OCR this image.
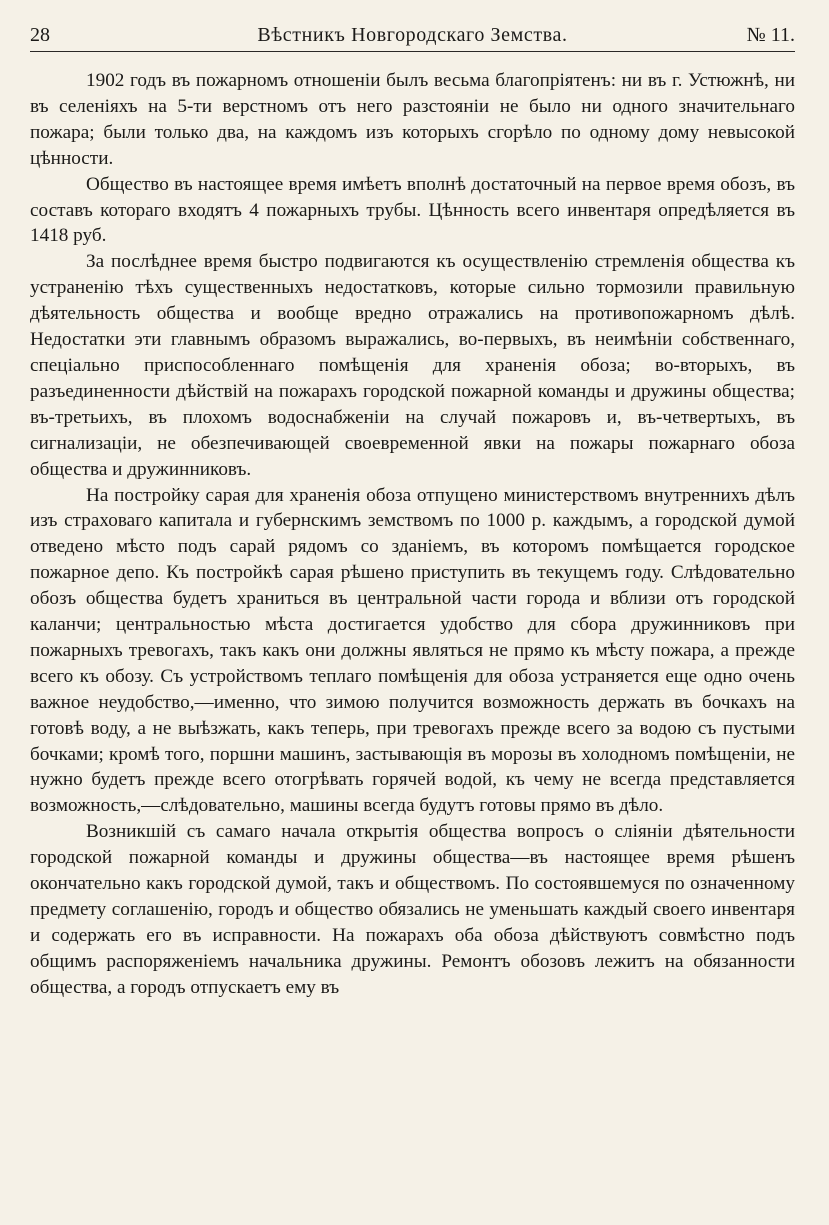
28	Вѣстникъ Новгородскаго Земства.	№ 11.

1902 годъ въ пожарномъ отношеніи былъ весьма благопріятенъ: ни въ г. Устюжнѣ, ни въ селеніяхъ на 5-ти верстномъ отъ него разстояніи не было ни одного значительнаго пожара; были только два, на каждомъ изъ которыхъ сгорѣло по одному дому невысокой цѣнности.

Общество въ настоящее время имѣетъ вполнѣ достаточный на первое время обозъ, въ составъ котораго входятъ 4 пожарныхъ трубы. Цѣнность всего инвентаря опредѣляется въ 1418 руб.

За послѣднее время быстро подвигаются къ осуществленію стремленія общества къ устраненію тѣхъ существенныхъ недостатковъ, которые сильно тормозили правильную дѣятельность общества и вообще вредно отражались на противопожарномъ дѣлѣ. Недостатки эти главнымъ образомъ выражались, во-первыхъ, въ неимѣніи собственнаго, спеціально приспособленнаго помѣщенія для храненія обоза; во-вторыхъ, въ разъединенности дѣйствій на пожарахъ городской пожарной команды и дружины общества; въ-третьихъ, въ плохомъ водоснабженіи на случай пожаровъ и, въ-четвертыхъ, въ сигнализаціи, не обезпечивающей своевременной явки на пожары пожарнаго обоза общества и дружинниковъ.

На постройку сарая для храненія обоза отпущено министерствомъ внутреннихъ дѣлъ изъ страховаго капитала и губернскимъ земствомъ по 1000 р. каждымъ, а городской думой отведено мѣсто подъ сарай рядомъ со зданіемъ, въ которомъ помѣщается городское пожарное депо. Къ постройкѣ сарая рѣшено приступить въ текущемъ году. Слѣдовательно обозъ общества будетъ храниться въ центральной части города и вблизи отъ городской каланчи; центральностью мѣста достигается удобство для сбора дружинниковъ при пожарныхъ тревогахъ, такъ какъ они должны являться не прямо къ мѣсту пожара, а прежде всего къ обозу. Съ устройствомъ теплаго помѣщенія для обоза устраняется еще одно очень важное неудобство,—именно, что зимою получится возможность держать въ бочкахъ на готовѣ воду, а не выѣзжать, какъ теперь, при тревогахъ прежде всего за водою съ пустыми бочками; кромѣ того, поршни машинъ, застывающія въ морозы въ холодномъ помѣщеніи, не нужно будетъ прежде всего отогрѣвать горячей водой, къ чему не всегда представляется возможность,—слѣдовательно, машины всегда будутъ готовы прямо въ дѣло.

Возникшій съ самаго начала открытія общества вопросъ о сліяніи дѣятельности городской пожарной команды и дружины общества—въ настоящее время рѣшенъ окончательно какъ городской думой, такъ и обществомъ. По состоявшемуся по означенному предмету соглашенію, городъ и общество обязались не уменьшать каждый своего инвентаря и содержать его въ исправности. На пожарахъ оба обоза дѣйствуютъ совмѣстно подъ общимъ распоряженіемъ начальника дружины. Ремонтъ обозовъ лежитъ на обязанности общества, а городъ отпускаетъ ему въ
